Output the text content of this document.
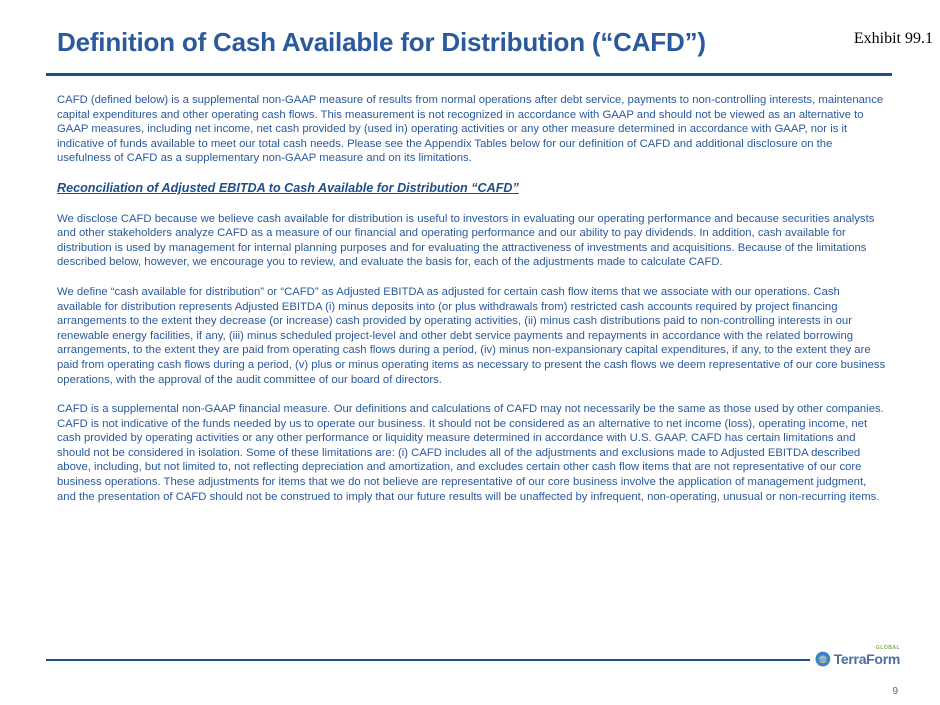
Exhibit 99.1
Definition of Cash Available for Distribution (“CAFD”)

CAFD (defined below) is a supplemental non-GAAP measure of results from normal operations after debt service, payments to non-controlling interests, maintenance capital expenditures and other operating cash flows. This measurement is not recognized in accordance with GAAP and should not be viewed as an alternative to GAAP measures, including net income, net cash provided by (used in) operating activities or any other measure determined in accordance with GAAP, nor is it indicative of funds available to meet our total cash needs. Please see the Appendix Tables below for our definition of CAFD and additional disclosure on the usefulness of CAFD as a supplementary non-GAAP measure and on its limitations.

Reconciliation of Adjusted EBITDA to Cash Available for Distribution “CAFD”

We disclose CAFD because we believe cash available for distribution is useful to investors in evaluating our operating performance and because securities analysts and other stakeholders analyze CAFD as a measure of our financial and operating performance and our ability to pay dividends. In addition, cash available for distribution is used by management for internal planning purposes and for evaluating the attractiveness of investments and acquisitions. Because of the limitations described below, however, we encourage you to review, and evaluate the basis for, each of the adjustments made to calculate CAFD.

We define “cash available for distribution” or “CAFD” as Adjusted EBITDA as adjusted for certain cash flow items that we associate with our operations. Cash available for distribution represents Adjusted EBITDA (i) minus deposits into (or plus withdrawals from) restricted cash accounts required by project financing arrangements to the extent they decrease (or increase) cash provided by operating activities, (ii) minus cash distributions paid to non-controlling interests in our renewable energy facilities, if any, (iii) minus scheduled project-level and other debt service payments and repayments in accordance with the related borrowing arrangements, to the extent they are paid from operating cash flows during a period, (iv) minus non-expansionary capital expenditures, if any, to the extent they are paid from operating cash flows during a period, (v) plus or minus operating items as necessary to present the cash flows we deem representative of our core business operations, with the approval of the audit committee of our board of directors.

CAFD is a supplemental non-GAAP financial measure. Our definitions and calculations of CAFD may not necessarily be the same as those used by other companies. CAFD is not indicative of the funds needed by us to operate our business. It should not be considered as an alternative to net income (loss), operating income, net cash provided by operating activities or any other performance or liquidity measure determined in accordance with U.S. GAAP. CAFD has certain limitations and should not be considered in isolation. Some of these limitations are: (i) CAFD includes all of the adjustments and exclusions made to Adjusted EBITDA described above, including, but not limited to, not reflecting depreciation and amortization, and excludes certain other cash flow items that are not representative of our core business operations. These adjustments for items that we do not believe are representative of our core business involve the application of management judgment, and the presentation of CAFD should not be construed to imply that our future results will be unaffected by infrequent, non-operating, unusual or non-recurring items.

TerraForm
GLOBAL
9
